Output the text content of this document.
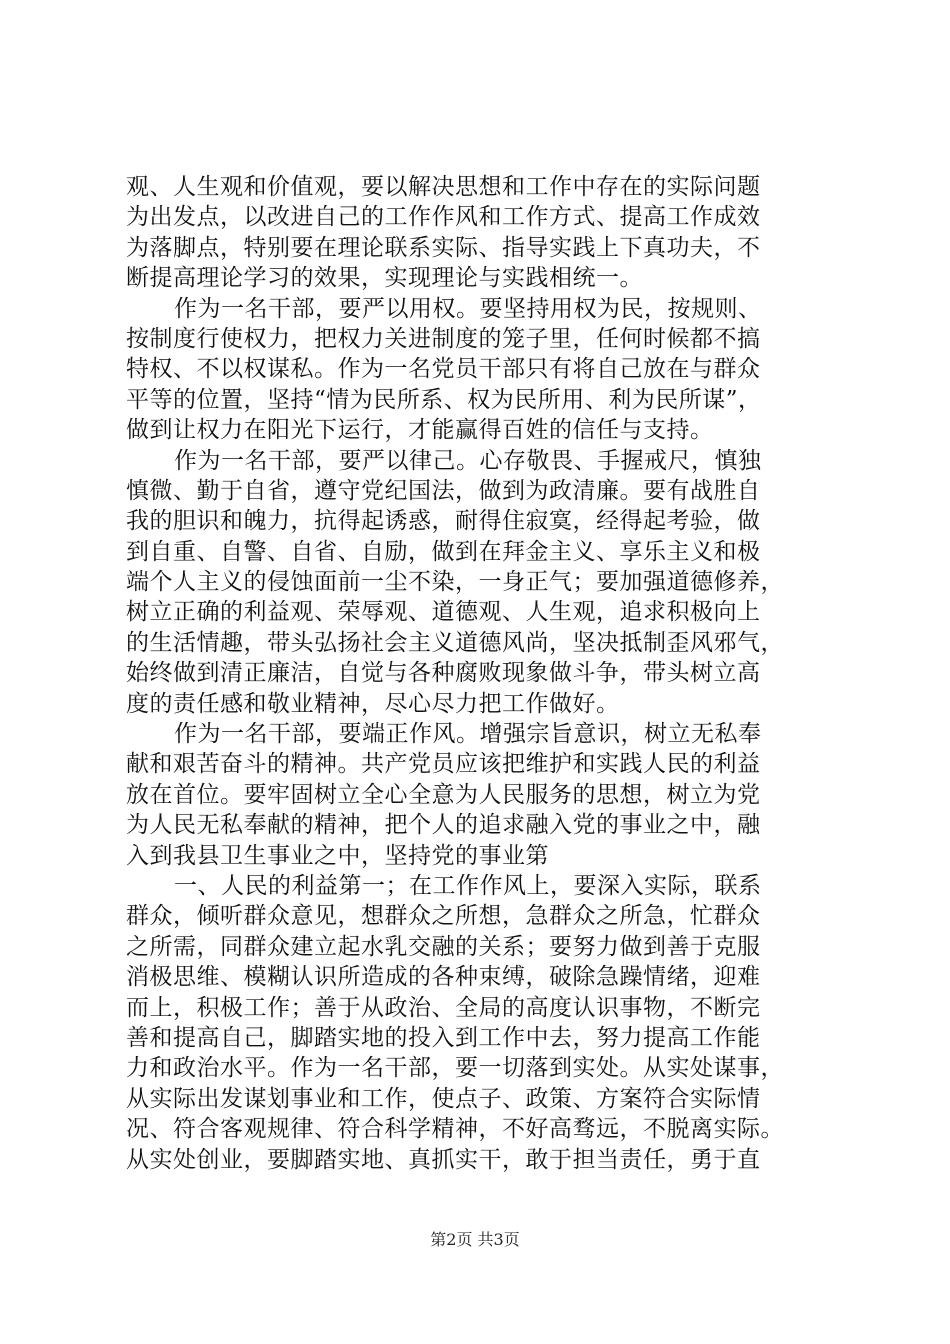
观、人生观和价值观，要以解决思想和工作中存在的实际问题
为出发点，以改进自己的工作作风和工作方式、提高工作成效
为落脚点，特别要在理论联系实际、指导实践上下真功夫，不
断提高理论学习的效果，实现理论与实践相统一。
作为一名干部，要严以用权。要坚持用权为民，按规则、
按制度行使权力，把权力关进制度的笼子里，任何时候都不搞
特权、不以权谋私。作为一名党员干部只有将自己放在与群众
平等的位置，坚持“情为民所系、权为民所用、利为民所谋”，
做到让权力在阳光下运行，才能赢得百姓的信任与支持。
作为一名干部，要严以律己。心存敬畏、手握戒尺，慎独
慎微、勤于自省，遵守党纪国法，做到为政清廉。要有战胜自
我的胆识和魄力，抗得起诱惑，耐得住寂寞，经得起考验，做
到自重、自警、自省、自励，做到在拜金主义、享乐主义和极
端个人主义的侵蚀面前一尘不染，一身正气；要加强道德修养，
树立正确的利益观、荣辱观、道德观、人生观，追求积极向上
的生活情趣，带头弘扬社会主义道德风尚，坚决抵制歪风邪气，
始终做到清正廉洁，自觉与各种腐败现象做斗争，带头树立高
度的责任感和敬业精神，尽心尽力把工作做好。
作为一名干部，要端正作风。增强宗旨意识，树立无私奉
献和艰苦奋斗的精神。共产党员应该把维护和实践人民的利益
放在首位。要牢固树立全心全意为人民服务的思想，树立为党
为人民无私奉献的精神，把个人的追求融入党的事业之中，融
入到我县卫生事业之中，坚持党的事业第
一、人民的利益第一；在工作作风上，要深入实际，联系
群众，倾听群众意见，想群众之所想，急群众之所急，忙群众
之所需，同群众建立起水乳交融的关系；要努力做到善于克服
消极思维、模糊认识所造成的各种束缚，破除急躁情绪，迎难
而上，积极工作；善于从政治、全局的高度认识事物，不断完
善和提高自己，脚踏实地的投入到工作中去，努力提高工作能
力和政治水平。作为一名干部，要一切落到实处。从实处谋事，
从实际出发谋划事业和工作，使点子、政策、方案符合实际情
况、符合客观规律、符合科学精神，不好高骛远，不脱离实际。
从实处创业，要脚踏实地、真抓实干，敢于担当责任，勇于直
第2页 共3页
